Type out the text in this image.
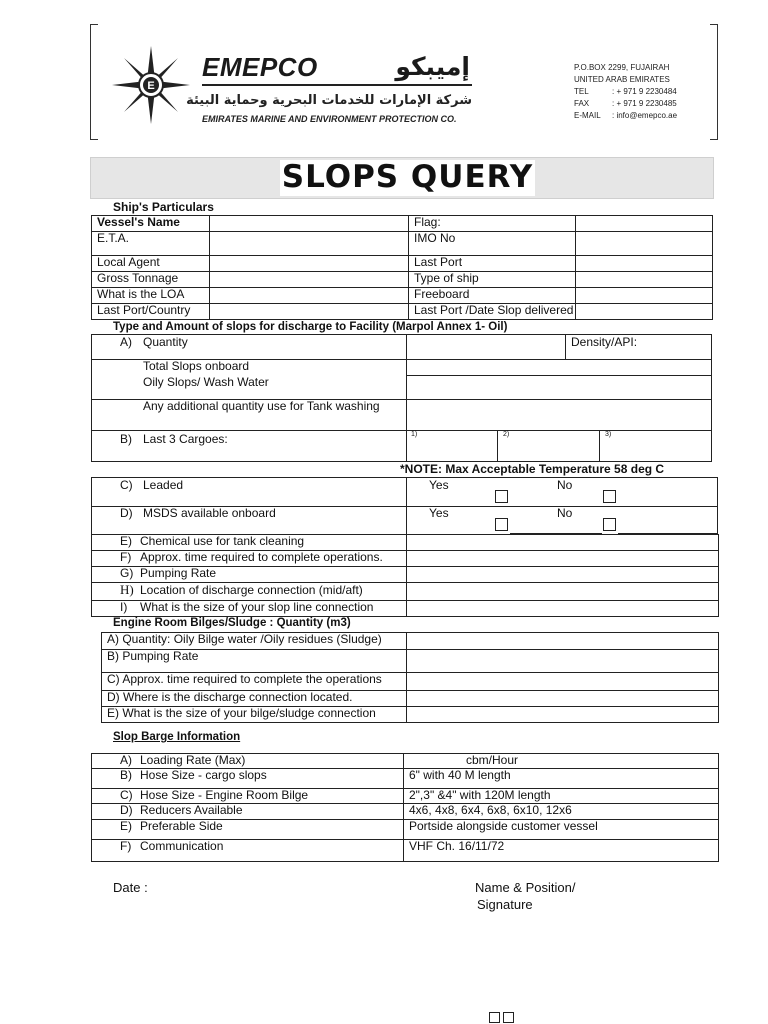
E
EMEPCO	إميبكو
شركة الإمارات للخدمات البحرية وحماية البيئة
EMIRATES MARINE AND ENVIRONMENT PROTECTION CO.
P.O.BOX 2299, FUJAIRAH
UNITED ARAB EMIRATES
TEL	: + 971 9 2230484
FAX	: + 971 9 2230485
E-MAIL	: info@emepco.ae
SLOPS QUERY
Ship's Particulars
Vessel's Name		Flag:	
E.T.A.		IMO No	
Local Agent		Last Port	
Gross Tonnage		Type of ship	
What is the LOA		Freeboard	
Last Port/Country		Last Port /Date Slop delivered	
Type and Amount of slops for discharge to Facility (Marpol Annex 1- Oil)
A) Quantity	Density/API:
Total Slops onboard
Oily Slops/ Wash Water
Any additional quantity use for Tank washing
B) Last 3 Cargoes:	1)	2)	3)
*NOTE: Max Acceptable Temperature 58 deg C
C) Leaded	Yes	No
D) MSDS available onboard	Yes	No
E) Chemical use for tank cleaning	
F) Approx. time required to complete operations.	
G) Pumping Rate	
H) Location of discharge connection (mid/aft)	
I) What is the size of your slop line connection	
Engine Room Bilges/Sludge : Quantity (m3)
A) Quantity: Oily Bilge water /Oily residues (Sludge)	
B) Pumping Rate	
C) Approx. time required to complete the operations	
D) Where is the discharge connection located.	
E) What is the size of your bilge/sludge connection	
Slop Barge Information
A) Loading Rate (Max)	cbm/Hour
B) Hose Size - cargo slops	6" with 40 M length
C) Hose Size - Engine Room Bilge	2",3" &4" with 120M length
D) Reducers Available	4x6, 4x8, 6x4, 6x8, 6x10, 12x6
E) Preferable Side	Portside alongside customer vessel
F) Communication	VHF Ch. 16/11/72
Date :	Name & Position/
Signature
